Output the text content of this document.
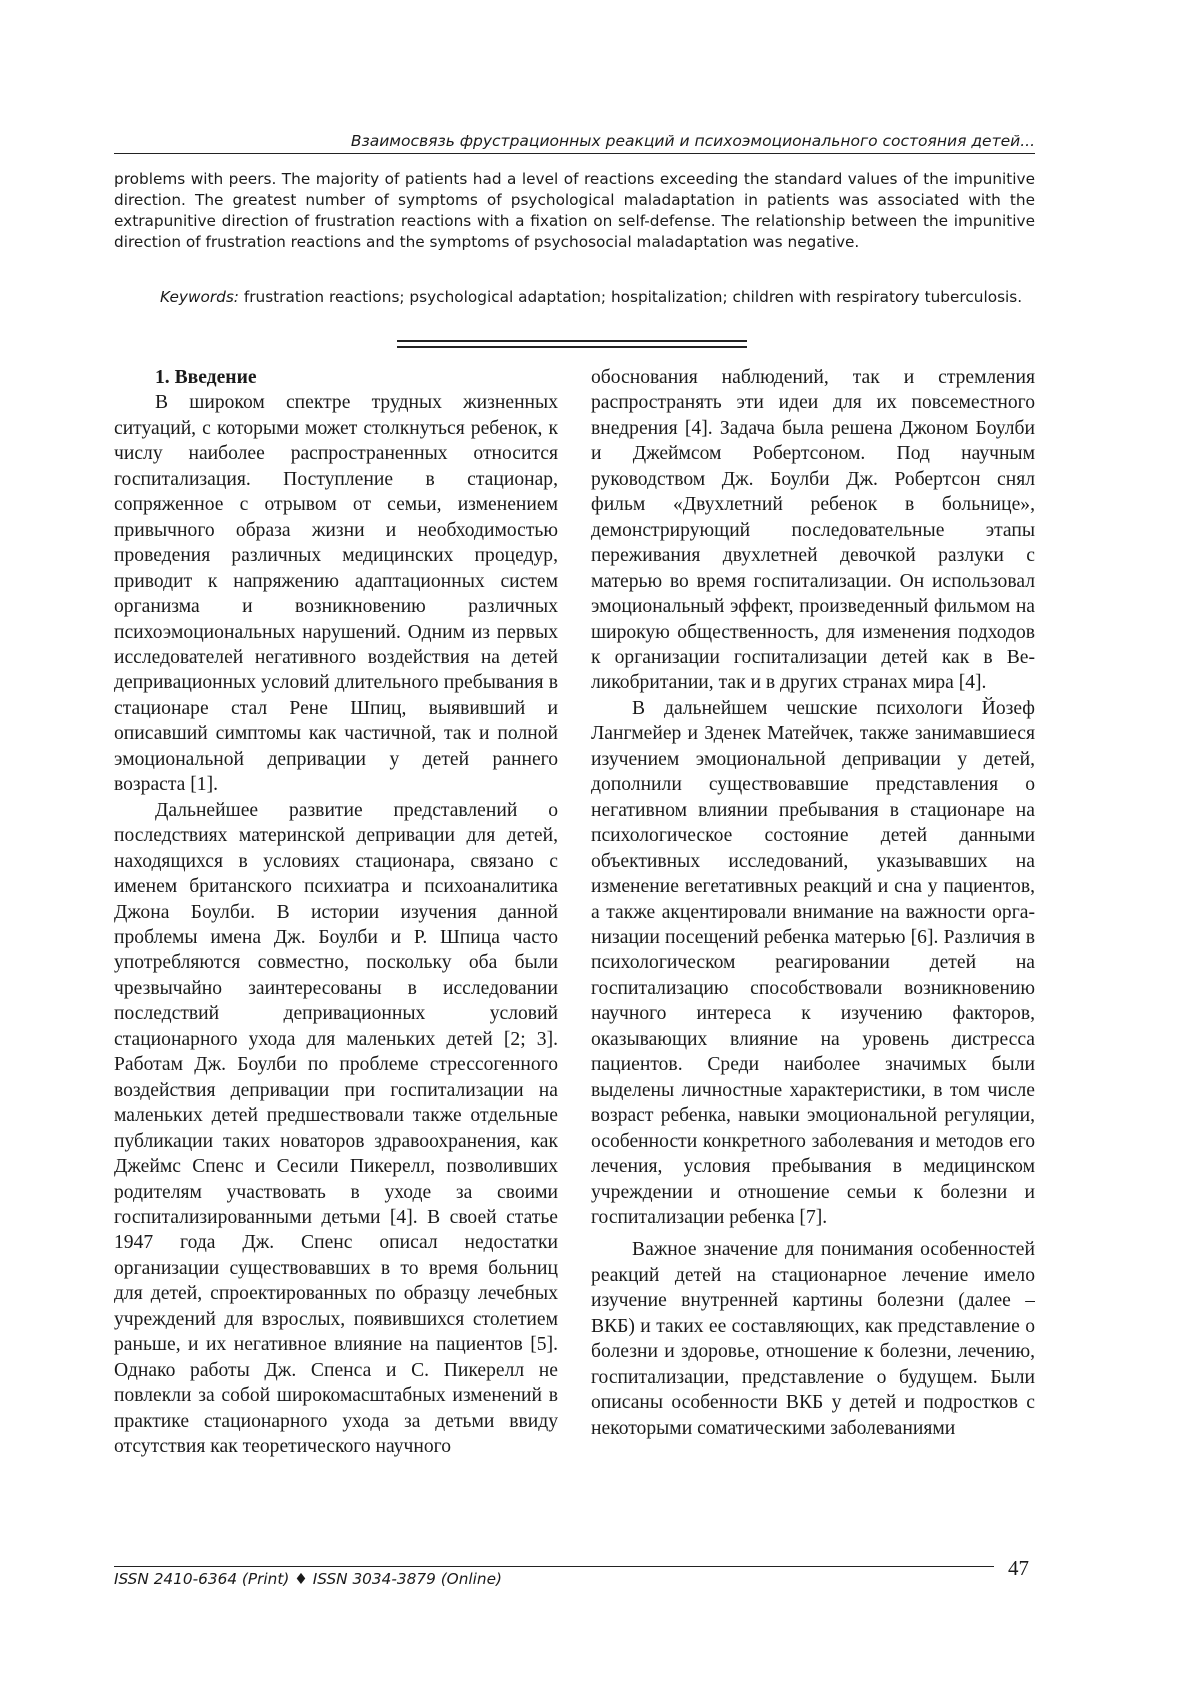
Взаимосвязь фрустрационных реакций и психоэмоционального состояния детей...

problems with peers. The majority of patients had a level of reactions exceeding the standard values of the impunitive direction. The greatest number of symptoms of psychological maladaptation in patients was associated with the extrapunitive direction of frustration reactions with a fixation on self-defense. The relationship between the impunitive direction of frustration reactions and the symptoms of psychosocial maladaptation was negative.

Keywords: frustration reactions; psychological adaptation; hospitalization; children with respiratory tuberculosis.

1. Введение

В широком спектре трудных жизненных ситуаций, с которыми может столкнуться ребенок, к числу наиболее распространенных относится госпитализация. Поступление в стационар, сопряженное с отрывом от семьи, изменением привычного образа жизни и необходимостью проведения различных медицинских процедур, приводит к напряжению адаптационных систем организма и возникновению различных психоэмоциональных нарушений. Одним из первых исследователей негативного воздействия на детей депривaционных условий длительного пребывания в стационаре стал Рене Шпиц, выявивший и описавший симптомы как частичной, так и полной эмоциональной депривации у детей раннего возраста [1].

Дальнейшее развитие представлений о последствиях материнской депривации для детей, находящихся в условиях стационара, связано с именем британского психиатра и психоаналитика Джона Боулби. В истории изучения данной проблемы имена Дж. Боулби и Р. Шпица часто употребляются совместно, поскольку оба были чрезвычайно заинтересованы в исследовании последствий депривационных условий стационарного ухода для маленьких детей [2; 3]. Работам Дж. Боулби по проблеме стрессогенного воздействия депривации при госпитализации на маленьких детей предшествовали также отдельные публикации таких новаторов здравоохранения, как Джеймс Спенс и Сесили Пикерелл, позволивших родителям участвовать в уходе за своими госпитализированными детьми [4]. В своей статье 1947 года Дж. Спенс описал недостатки организации существовавших в то время больниц для детей, спроектированных по образцу лечебных учреждений для взрослых, появившихся столетием раньше, и их негативное влияние на пациентов [5]. Однако работы Дж. Спенса и С. Пикерелл не повлекли за собой широкомасштабных изменений в практике стационарного ухода за детьми ввиду отсутствия как теоретического научного

обоснования наблюдений, так и стремления распространять эти идеи для их повсеместного внедрения [4]. Задача была решена Джоном Боулби и Джеймсом Робертсоном. Под научным руководством Дж. Боулби Дж. Робертсон снял фильм «Двухлетний ребенок в больнице», демонстрирующий последовательные этапы переживания двухлетней девочкой разлуки с матерью во время госпитализации. Он использовал эмоциональный эффект, произведенный фильмом на широкую общественность, для изменения подходов к организации госпитализации детей как в Великобритании, так и в других странах мира [4].

В дальнейшем чешские психологи Йозеф Лангмейер и Зденек Матейчек, также занимавшиеся изучением эмоциональной депривации у детей, дополнили существовавшие представления о негативном влиянии пребывания в стационаре на психологическое состояние детей данными объективных исследований, указывавших на изменение вегетативных реакций и сна у пациентов, а также акцентировали внимание на важности организации посещений ребенка матерью [6]. Различия в психологическом реагировании детей на госпитализацию способствовали возникновению научного интереса к изучению факторов, оказывающих влияние на уровень дистресса пациентов. Среди наиболее значимых были выделены личностные характеристики, в том числе возраст ребенка, навыки эмоциональной регуляции, особенности конкретного заболевания и методов его лечения, условия пребывания в медицинском учреждении и отношение семьи к болезни и госпитализации ребенка [7].

Важное значение для понимания особенностей реакций детей на стационарное лечение имело изучение внутренней картины болезни (далее – ВКБ) и таких ее составляющих, как представление о болезни и здоровье, отношение к болезни, лечению, госпитализации, представление о будущем. Были описаны особенности ВКБ у детей и подростков с некоторыми соматическими заболеваниями

ISSN 2410-6364 (Print) ♦ ISSN 3034-3879 (Online)	47
